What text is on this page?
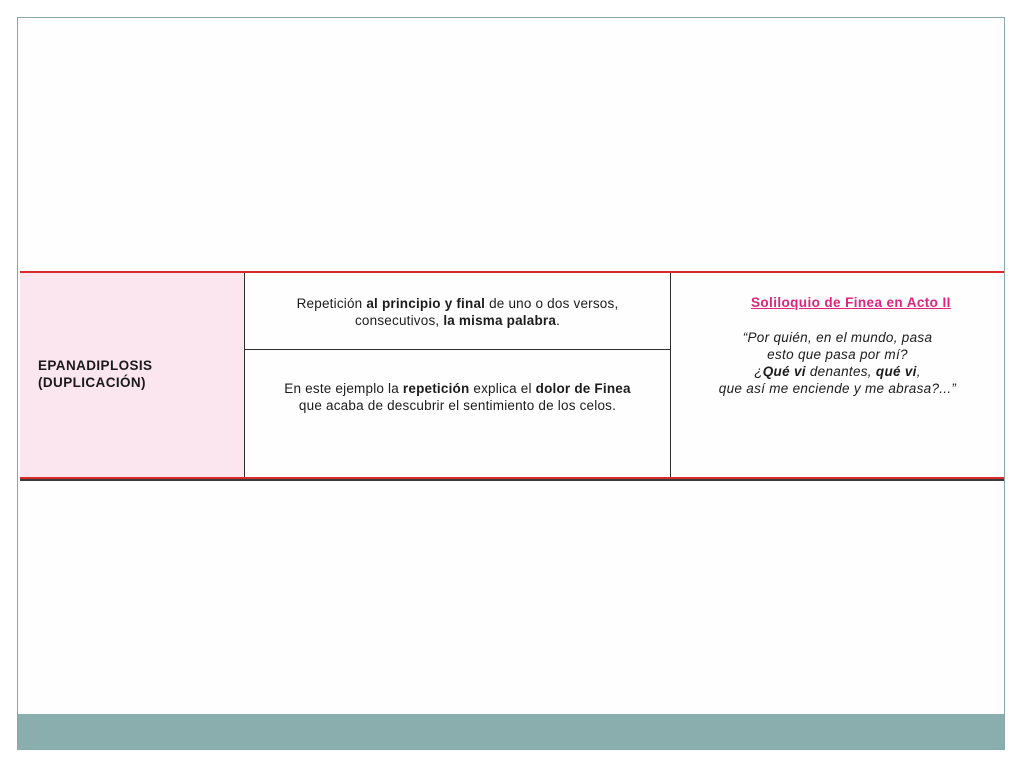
EPANADIPLOSIS
(DUPLICACIÓN)
Repetición al principio y final de uno o dos versos,
consecutivos, la misma palabra.
En este ejemplo la repetición explica el dolor de Finea
que acaba de descubrir el sentimiento de los celos.
Soliloquio de Finea en Acto II
“Por quién, en el mundo, pasa
esto que pasa por mí?
¿Qué vi denantes, qué vi,
que así me enciende y me abrasa?...”
